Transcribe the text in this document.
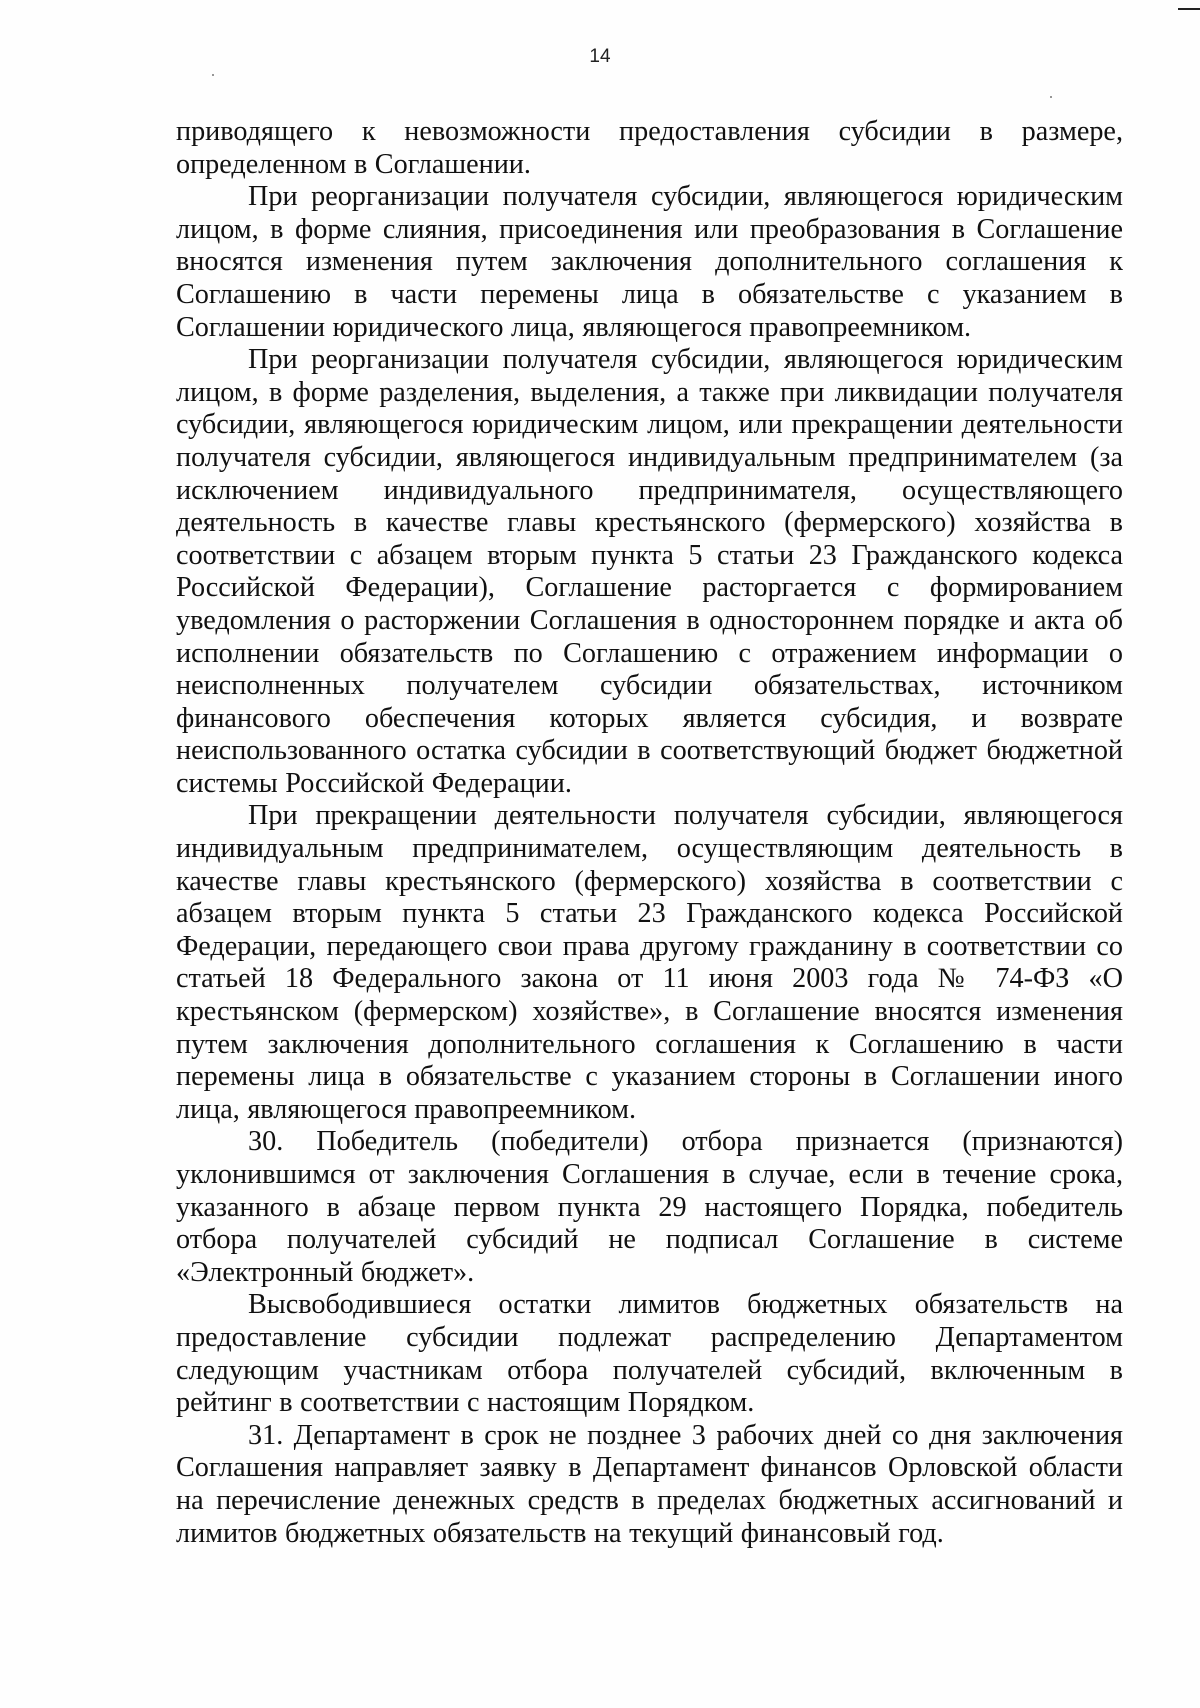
14

приводящего к невозможности предоставления субсидии в размере, определенном в Соглашении.

При реорганизации получателя субсидии, являющегося юридическим лицом, в форме слияния, присоединения или преобразования в Соглашение вносятся изменения путем заключения дополнительного соглашения к Соглашению в части перемены лица в обязательстве с указанием в Соглашении юридического лица, являющегося правопреемником.

При реорганизации получателя субсидии, являющегося юридическим лицом, в форме разделения, выделения, а также при ликвидации получателя субсидии, являющегося юридическим лицом, или прекращении деятельности получателя субсидии, являющегося индивидуальным предпринимателем (за исключением индивидуального предпринимателя, осуществляющего деятельность в качестве главы крестьянского (фермерского) хозяйства в соответствии с абзацем вторым пункта 5 статьи 23 Гражданского кодекса Российской Федерации), Соглашение расторгается с формированием уведомления о расторжении Соглашения в одностороннем порядке и акта об исполнении обязательств по Соглашению с отражением информации о неисполненных получателем субсидии обязательствах, источником финансового обеспечения которых является субсидия, и возврате неиспользованного остатка субсидии в соответствующий бюджет бюджетной системы Российской Федерации.

При прекращении деятельности получателя субсидии, являющегося индивидуальным предпринимателем, осуществляющим деятельность в качестве главы крестьянского (фермерского) хозяйства в соответствии с абзацем вторым пункта 5 статьи 23 Гражданского кодекса Российской Федерации, передающего свои права другому гражданину в соответствии со статьей 18 Федерального закона от 11 июня 2003 года № 74-ФЗ «О крестьянском (фермерском) хозяйстве», в Соглашение вносятся изменения путем заключения дополнительного соглашения к Соглашению в части перемены лица в обязательстве с указанием стороны в Соглашении иного лица, являющегося правопреемником.

30. Победитель (победители) отбора признается (признаются) уклонившимся от заключения Соглашения в случае, если в течение срока, указанного в абзаце первом пункта 29 настоящего Порядка, победитель отбора получателей субсидий не подписал Соглашение в системе «Электронный бюджет».

Высвободившиеся остатки лимитов бюджетных обязательств на предоставление субсидии подлежат распределению Департаментом следующим участникам отбора получателей субсидий, включенным в рейтинг в соответствии с настоящим Порядком.

31. Департамент в срок не позднее 3 рабочих дней со дня заключения Соглашения направляет заявку в Департамент финансов Орловской области на перечисление денежных средств в пределах бюджетных ассигнований и лимитов бюджетных обязательств на текущий финансовый год.
